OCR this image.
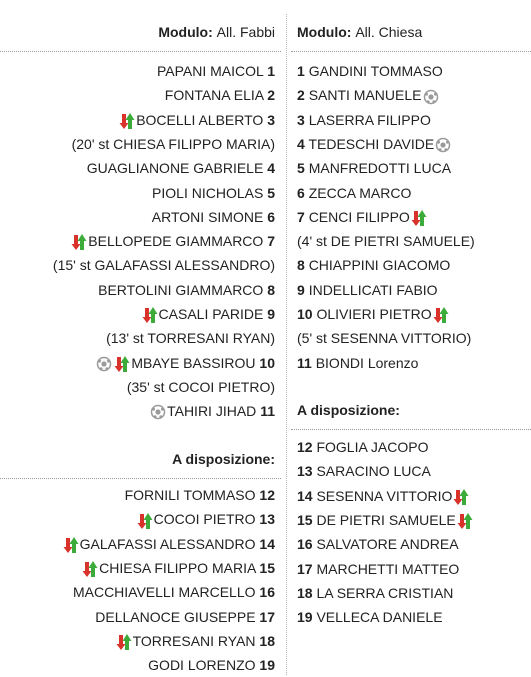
Modulo: All. Fabbi
PAPANI MAICOL 1
FONTANA ELIA 2
BOCELLI ALBERTO 3
(20' st CHIESA FILIPPO MARIA)
GUAGLIANONE GABRIELE 4
PIOLI NICHOLAS 5
ARTONI SIMONE 6
BELLOPEDE GIAMMARCO 7
(15' st GALAFASSI ALESSANDRO)
BERTOLINI GIAMMARCO 8
CASALI PARIDE 9
(13' st TORRESANI RYAN)
MBAYE BASSIROU 10
(35' st COCOI PIETRO)
TAHIRI JIHAD 11
A disposizione:
FORNILI TOMMASO 12
COCOI PIETRO 13
GALAFASSI ALESSANDRO 14
CHIESA FILIPPO MARIA 15
MACCHIAVELLI MARCELLO 16
DELLANOCE GIUSEPPE 17
TORRESANI RYAN 18
GODI LORENZO 19
Modulo: All. Chiesa
1 GANDINI TOMMASO
2 SANTI MANUELE
3 LASERRA FILIPPO
4 TEDESCHI DAVIDE
5 MANFREDOTTI LUCA
6 ZECCA MARCO
7 CENCI FILIPPO
(4' st DE PIETRI SAMUELE)
8 CHIAPPINI GIACOMO
9 INDELLICATI FABIO
10 OLIVIERI PIETRO
(5' st SESENNA VITTORIO)
11 BIONDI Lorenzo
A disposizione:
12 FOGLIA JACOPO
13 SARACINO LUCA
14 SESENNA VITTORIO
15 DE PIETRI SAMUELE
16 SALVATORE ANDREA
17 MARCHETTI MATTEO
18 LA SERRA CRISTIAN
19 VELLECA DANIELE
